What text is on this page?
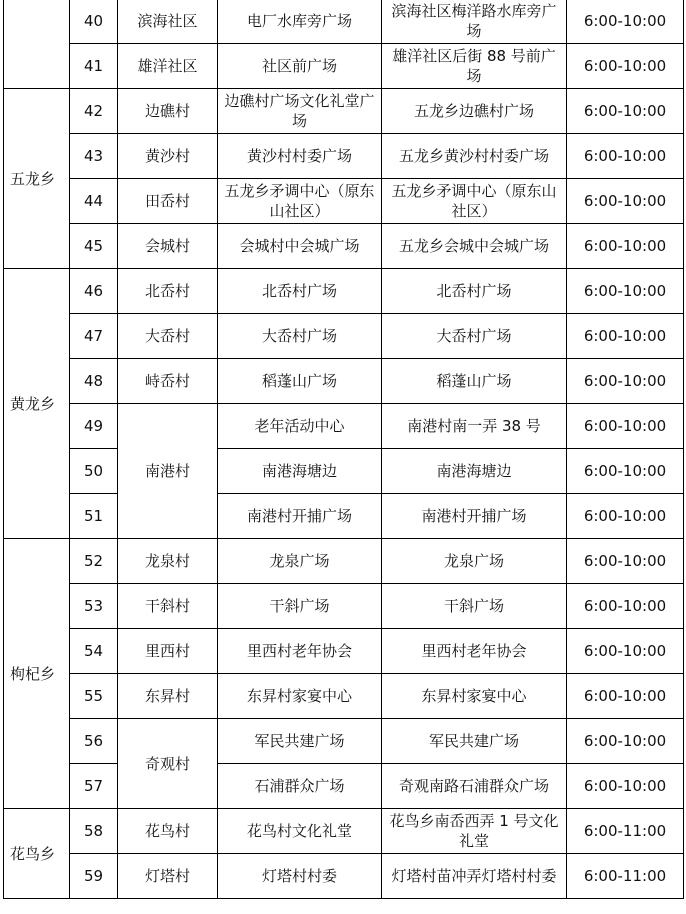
	40	滨海社区	电厂水库旁广场	滨海社区梅洋路水库旁广场	6:00-10:00
	41	雄洋社区	社区前广场	雄洋社区后街 88 号前广场	6:00-10:00
五龙乡	42	边礁村	边礁村广场文化礼堂广场	五龙乡边礁村广场	6:00-10:00
	43	黄沙村	黄沙村村委广场	五龙乡黄沙村村委广场	6:00-10:00
	44	田岙村	五龙乡矛调中心（原东山社区）	五龙乡矛调中心（原东山社区）	6:00-10:00
	45	会城村	会城村中会城广场	五龙乡会城中会城广场	6:00-10:00
黄龙乡	46	北岙村	北岙村广场	北岙村广场	6:00-10:00
	47	大岙村	大岙村广场	大岙村广场	6:00-10:00
	48	峙岙村	稻蓬山广场	稻蓬山广场	6:00-10:00
	49	南港村	老年活动中心	南港村南一弄 38 号	6:00-10:00
	50		南港海塘边	南港海塘边	6:00-10:00
	51		南港村开捕广场	南港村开捕广场	6:00-10:00
枸杞乡	52	龙泉村	龙泉广场	龙泉广场	6:00-10:00
	53	干斜村	干斜广场	干斜广场	6:00-10:00
	54	里西村	里西村老年协会	里西村老年协会	6:00-10:00
	55	东昇村	东昇村家宴中心	东昇村家宴中心	6:00-10:00
	56	奇观村	军民共建广场	军民共建广场	6:00-10:00
	57		石浦群众广场	奇观南路石浦群众广场	6:00-10:00
花鸟乡	58	花鸟村	花鸟村文化礼堂	花鸟乡南岙西弄 1 号文化礼堂	6:00-11:00
	59	灯塔村	灯塔村村委	灯塔村苗冲弄灯塔村村委	6:00-11:00
